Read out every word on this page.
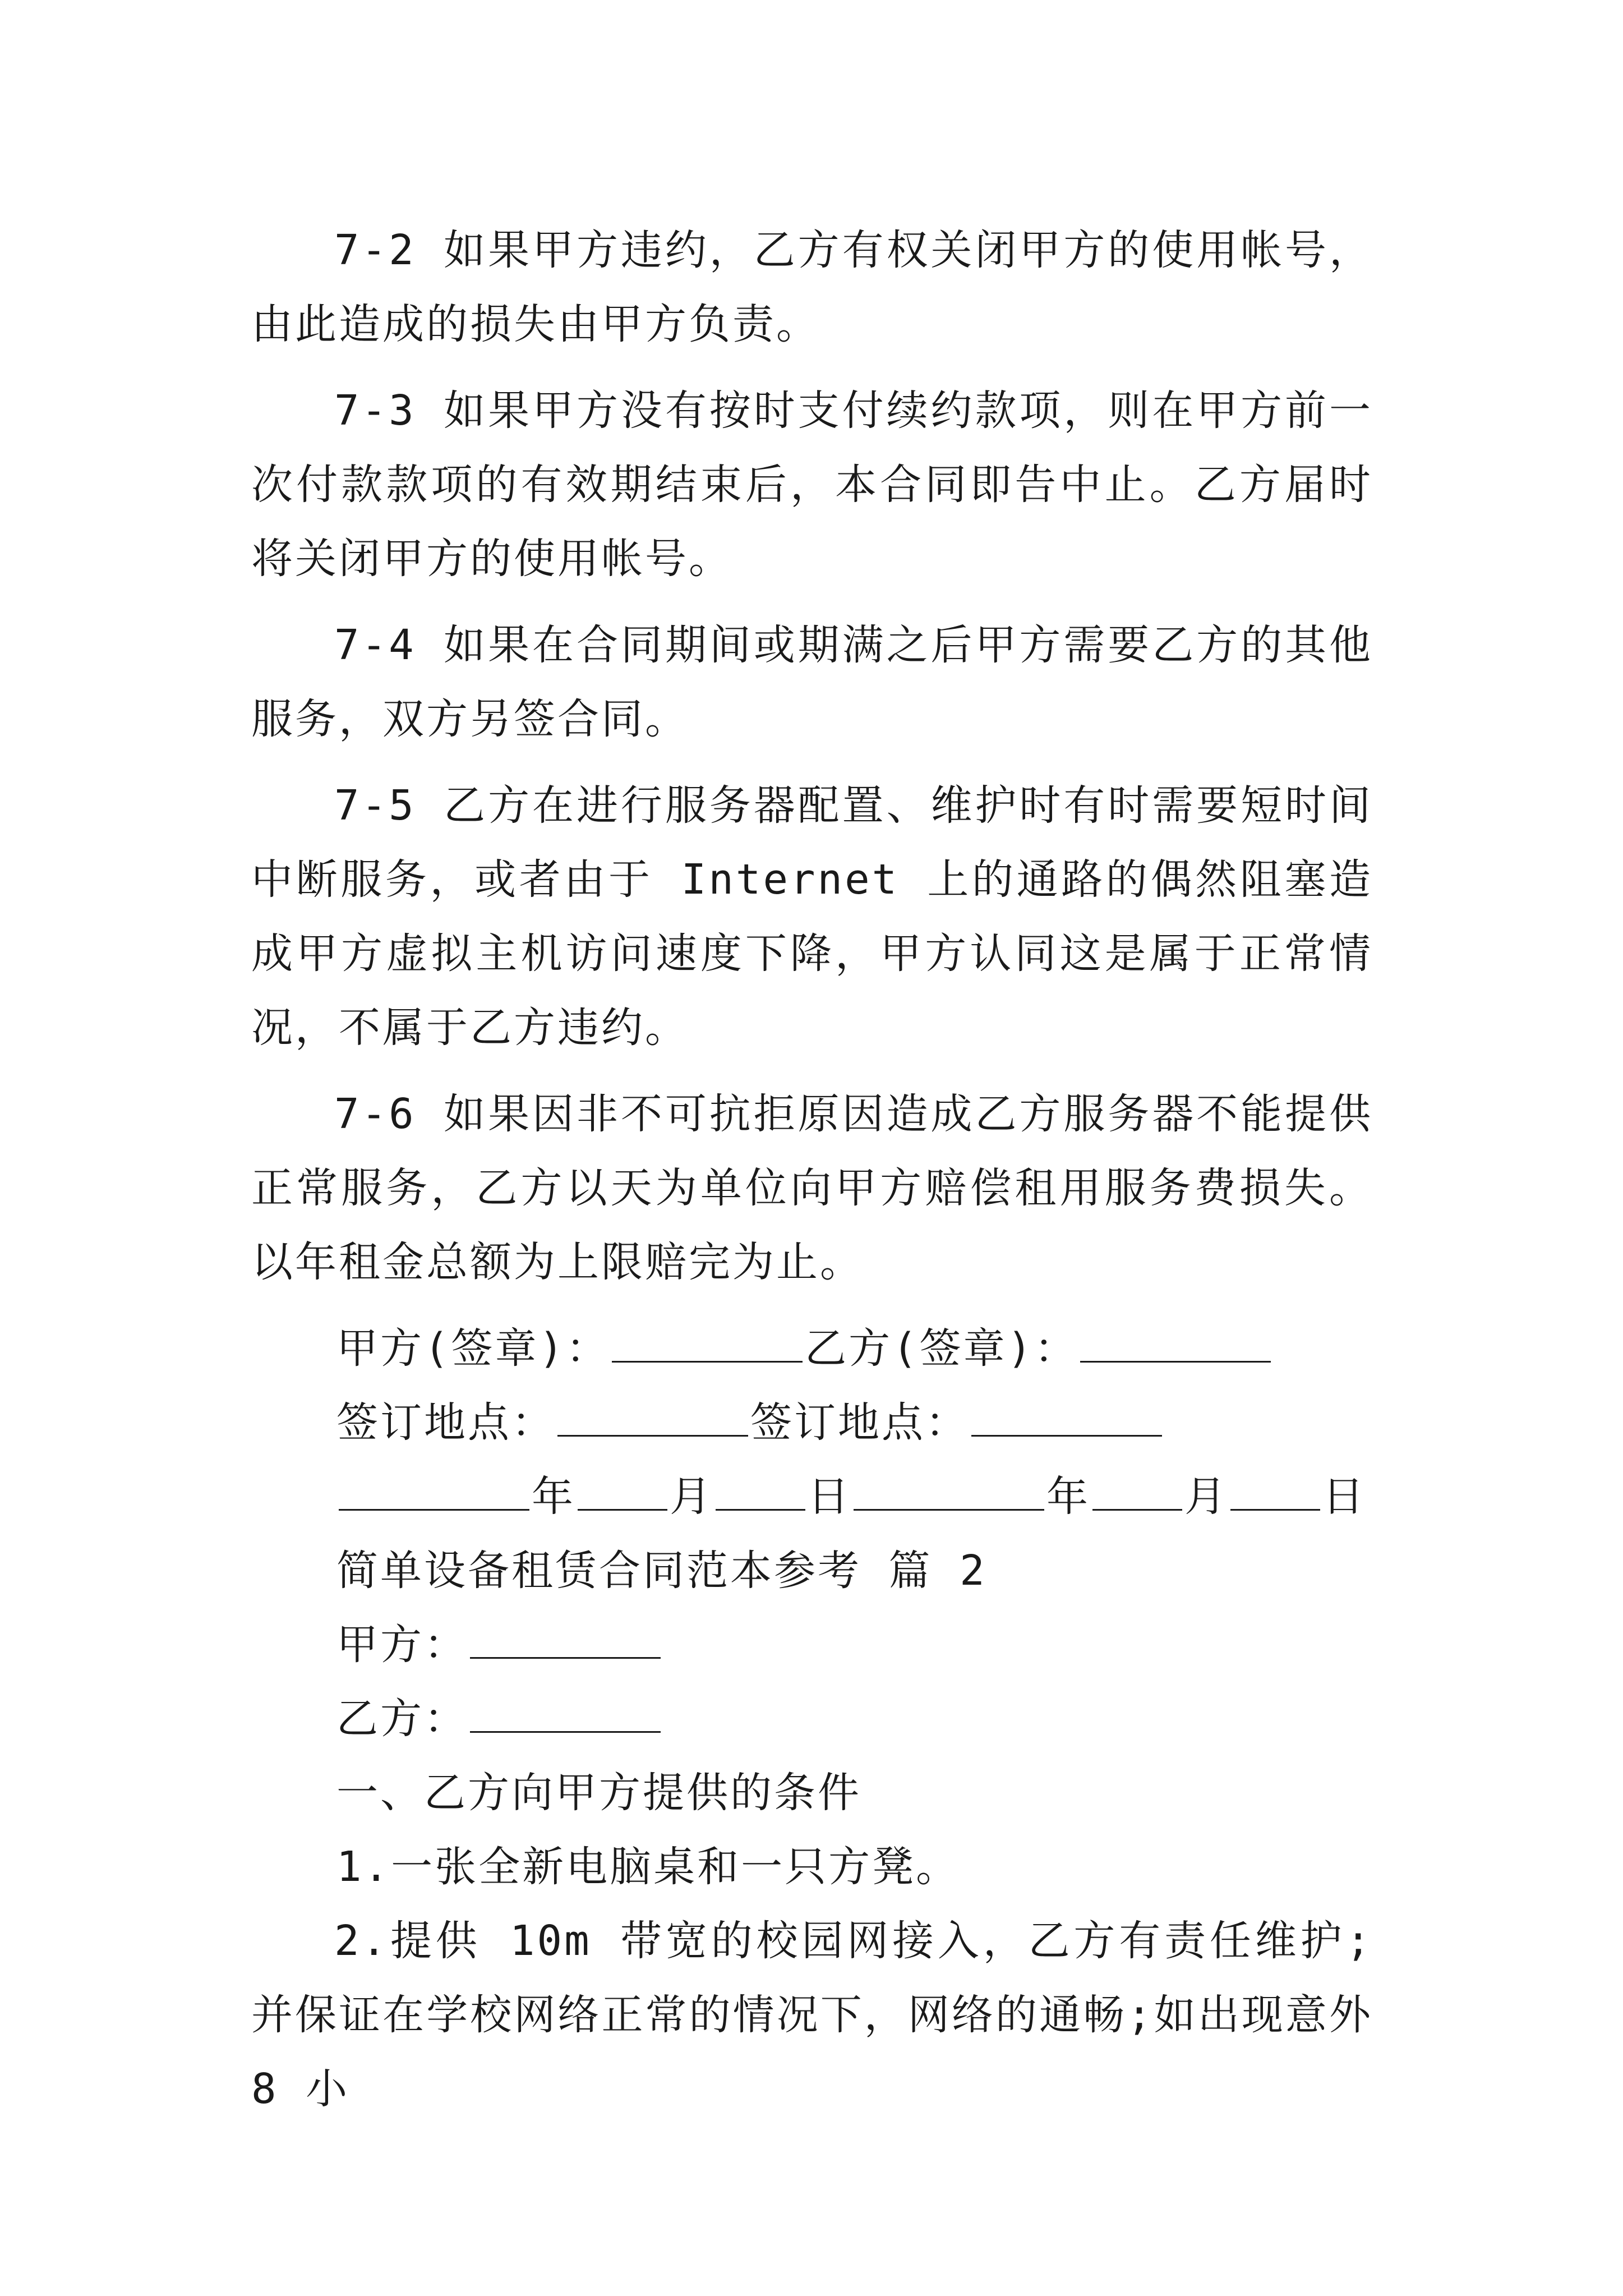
7-2 如果甲方违约，乙方有权关闭甲方的使用帐号，由此造成的损失由甲方负责。

7-3 如果甲方没有按时支付续约款项，则在甲方前一次付款款项的有效期结束后，本合同即告中止。乙方届时将关闭甲方的使用帐号。

7-4 如果在合同期间或期满之后甲方需要乙方的其他服务，双方另签合同。

7-5 乙方在进行服务器配置、维护时有时需要短时间中断服务，或者由于 Internet 上的通路的偶然阻塞造成甲方虚拟主机访问速度下降，甲方认同这是属于正常情况，不属于乙方违约。

7-6 如果因非不可抗拒原因造成乙方服务器不能提供正常服务，乙方以天为单位向甲方赔偿租用服务费损失。以年租金总额为上限赔完为止。

甲方(签章)：	乙方(签章)：
签订地点：	签订地点：
年 月 日	年 月 日
简单设备租赁合同范本参考 篇 2
甲方：
乙方：
一、乙方向甲方提供的条件
1.一张全新电脑桌和一只方凳。

2.提供 10m 带宽的校园网接入，乙方有责任维护;并保证在学校网络正常的情况下，网络的通畅;如出现意外 8 小
